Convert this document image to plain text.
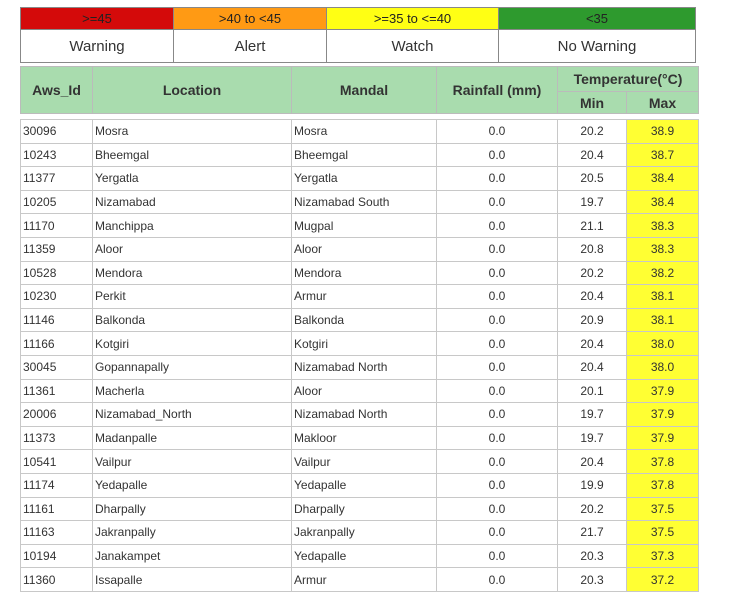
>=45	>40 to <45	>=35 to <=40	<35
Warning	Alert	Watch	No Warning
Aws_Id	Location	Mandal	Rainfall (mm)	Temperature(°C)	
				Min	Max

30096	Mosra	Mosra	0.0	20.2	38.9
10243	Bheemgal	Bheemgal	0.0	20.4	38.7
11377	Yergatla	Yergatla	0.0	20.5	38.4
10205	Nizamabad	Nizamabad South	0.0	19.7	38.4
11170	Manchippa	Mugpal	0.0	21.1	38.3
11359	Aloor	Aloor	0.0	20.8	38.3
10528	Mendora	Mendora	0.0	20.2	38.2
10230	Perkit	Armur	0.0	20.4	38.1
11146	Balkonda	Balkonda	0.0	20.9	38.1
11166	Kotgiri	Kotgiri	0.0	20.4	38.0
30045	Gopannapally	Nizamabad North	0.0	20.4	38.0
11361	Macherla	Aloor	0.0	20.1	37.9
20006	Nizamabad_North	Nizamabad North	0.0	19.7	37.9
11373	Madanpalle	Makloor	0.0	19.7	37.9
10541	Vailpur	Vailpur	0.0	20.4	37.8
11174	Yedapalle	Yedapalle	0.0	19.9	37.8
11161	Dharpally	Dharpally	0.0	20.2	37.5
11163	Jakranpally	Jakranpally	0.0	21.7	37.5
10194	Janakampet	Yedapalle	0.0	20.3	37.3
11360	Issapalle	Armur	0.0	20.3	37.2
